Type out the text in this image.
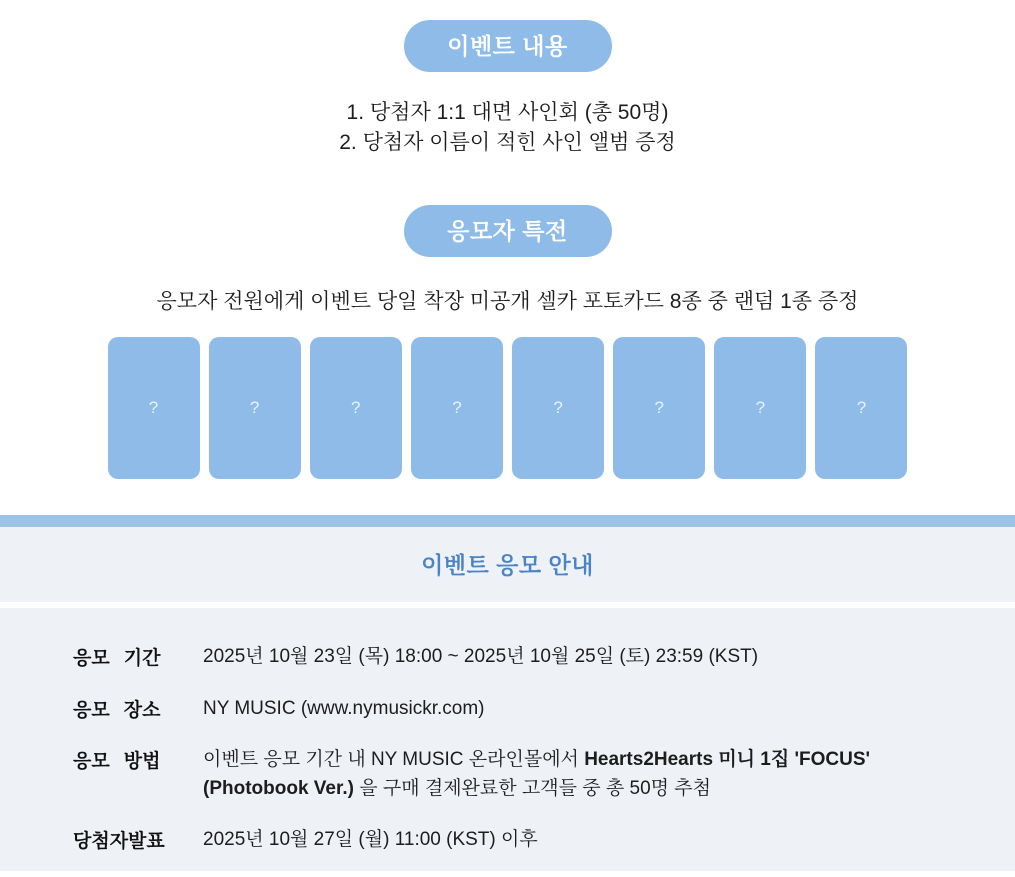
이벤트 내용
1. 당첨자 1:1 대면 사인회 (총 50명)
2. 당첨자 이름이 적힌 사인 앨범 증정
응모자 특전
응모자 전원에게 이벤트 당일 착장 미공개 셀카 포토카드 8종 중 랜덤 1종 증정
?	?	?	?	?	?	?	?
이벤트 응모 안내
응모 기간	2025년 10월 23일 (목) 18:00 ~ 2025년 10월 25일 (토) 23:59 (KST)
응모 장소	NY MUSIC (www.nymusickr.com)
응모 방법	이벤트 응모 기간 내 NY MUSIC 온라인몰에서 Hearts2Hearts 미니 1집 'FOCUS' (Photobook Ver.) 을 구매 결제완료한 고객들 중 총 50명 추첨
당첨자발표	2025년 10월 27일 (월) 11:00 (KST) 이후
